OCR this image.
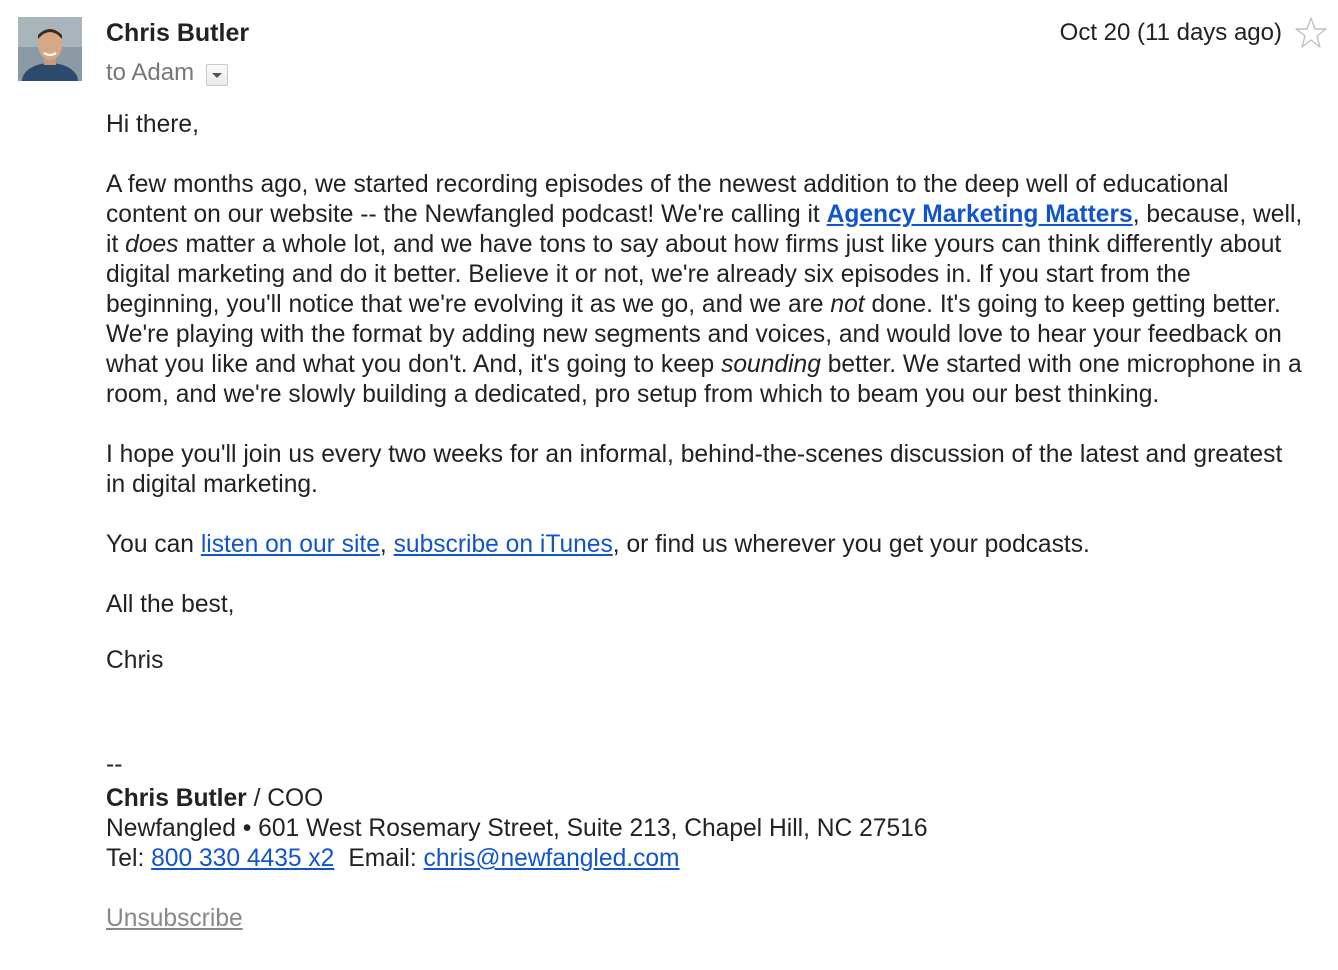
Chris Butler
to Adam
Oct 20 (11 days ago)

Hi there,

A few months ago, we started recording episodes of the newest addition to the deep well of educational content on our website -- the Newfangled podcast! We're calling it Agency Marketing Matters, because, well, it does matter a whole lot, and we have tons to say about how firms just like yours can think differently about digital marketing and do it better. Believe it or not, we're already six episodes in. If you start from the beginning, you'll notice that we're evolving it as we go, and we are not done. It's going to keep getting better. We're playing with the format by adding new segments and voices, and would love to hear your feedback on what you like and what you don't. And, it's going to keep sounding better. We started with one microphone in a room, and we're slowly building a dedicated, pro setup from which to beam you our best thinking.

I hope you'll join us every two weeks for an informal, behind-the-scenes discussion of the latest and greatest in digital marketing.

You can listen on our site, subscribe on iTunes, or find us wherever you get your podcasts.

All the best,

Chris

--

Chris Butler / COO

Newfangled • 601 West Rosemary Street, Suite 213, Chapel Hill, NC 27516

Tel: 800 330 4435 x2 Email: chris@newfangled.com

Unsubscribe
